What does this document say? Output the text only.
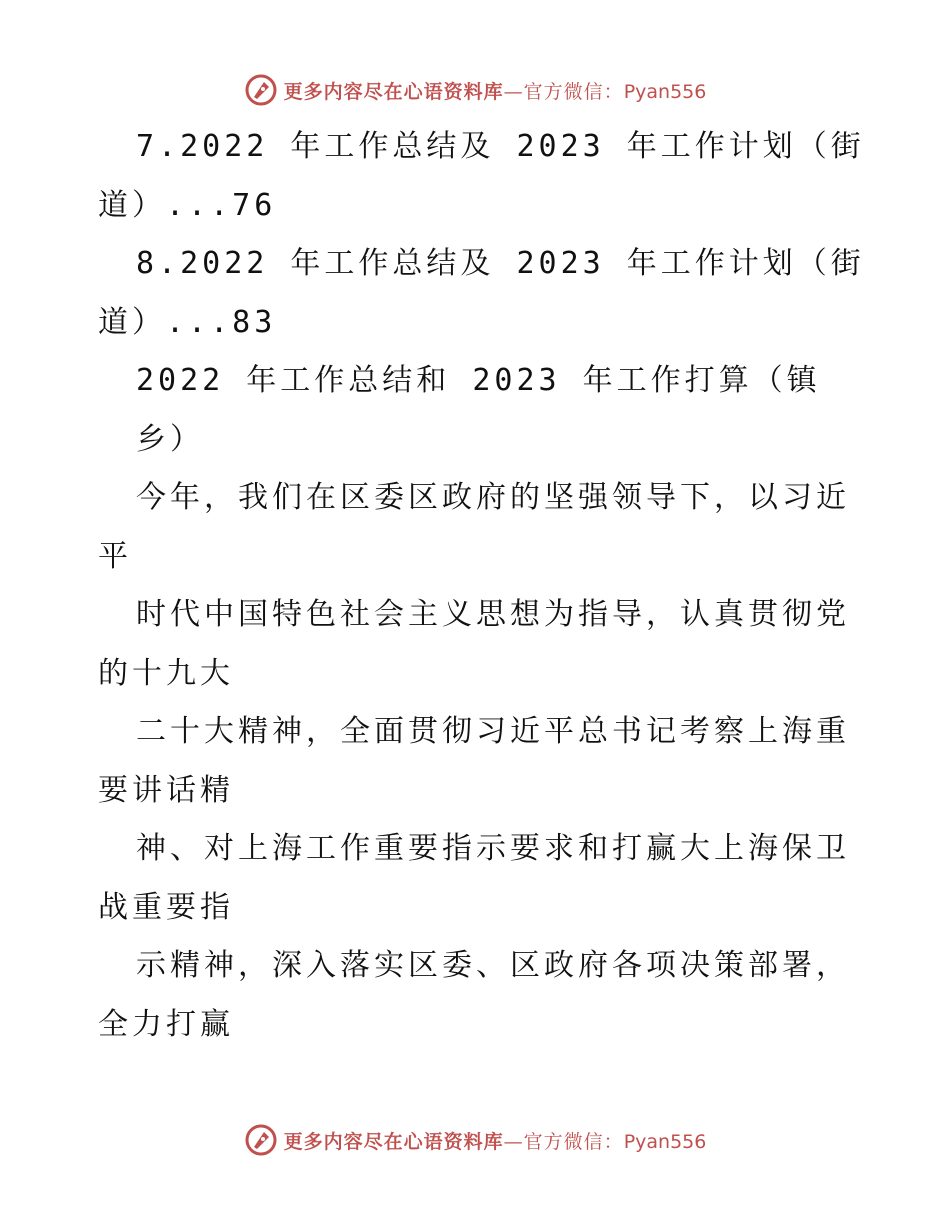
更多内容尽在心语资料库—官方微信：Pyan556
7.2022 年工作总结及 2023 年工作计划（街
道）...76
8.2022 年工作总结及 2023 年工作计划（街
道）...83
2022 年工作总结和 2023 年工作打算（镇
乡）
今年，我们在区委区政府的坚强领导下，以习近
平
时代中国特色社会主义思想为指导，认真贯彻党
的十九大
二十大精神，全面贯彻习近平总书记考察上海重
要讲话精
神、对上海工作重要指示要求和打赢大上海保卫
战重要指
示精神，深入落实区委、区政府各项决策部署，
全力打赢
更多内容尽在心语资料库—官方微信：Pyan556
